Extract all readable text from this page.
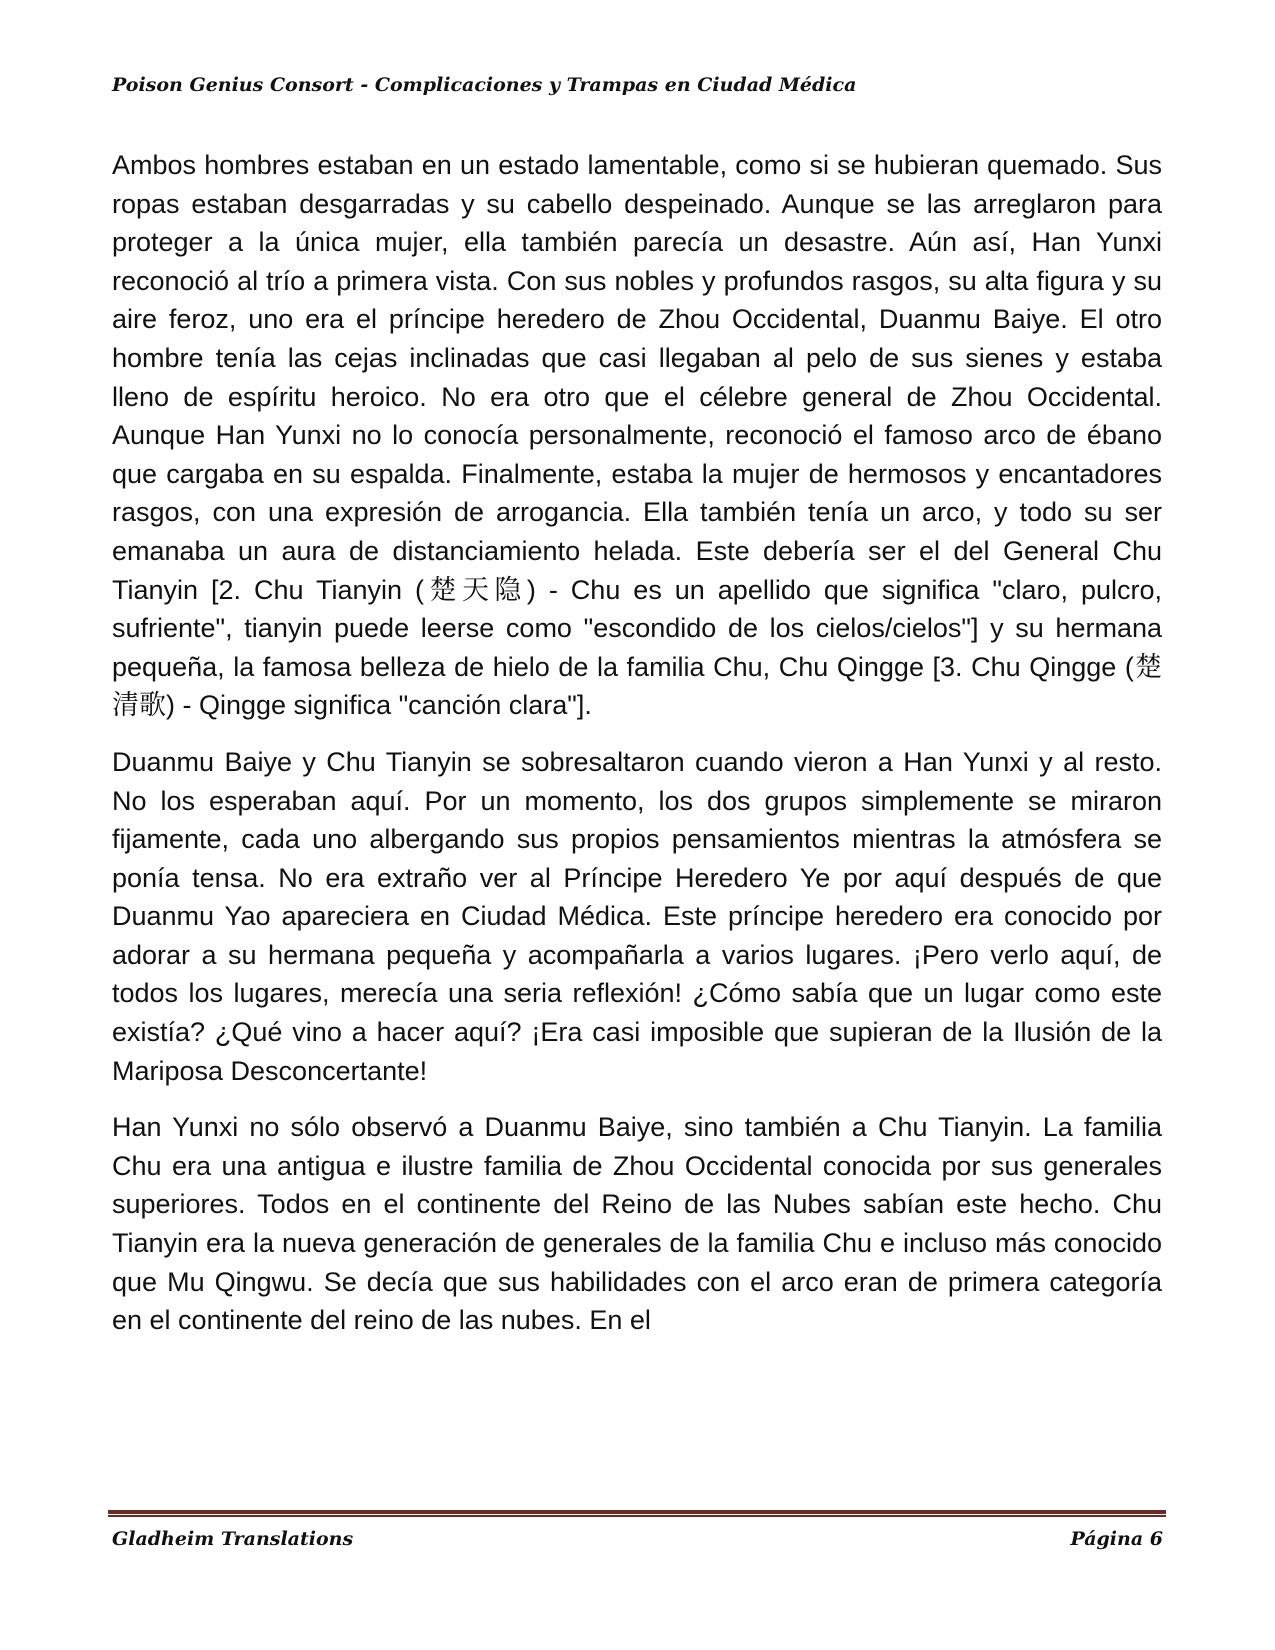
Poison Genius Consort - Complicaciones y Trampas en Ciudad Médica

Ambos hombres estaban en un estado lamentable, como si se hubieran quemado. Sus ropas estaban desgarradas y su cabello despeinado. Aunque se las arreglaron para proteger a la única mujer, ella también parecía un desastre. Aún así, Han Yunxi reconoció al trío a primera vista. Con sus nobles y profundos rasgos, su alta figura y su aire feroz, uno era el príncipe heredero de Zhou Occidental, Duanmu Baiye. El otro hombre tenía las cejas inclinadas que casi llegaban al pelo de sus sienes y estaba lleno de espíritu heroico. No era otro que el célebre general de Zhou Occidental. Aunque Han Yunxi no lo conocía personalmente, reconoció el famoso arco de ébano que cargaba en su espalda. Finalmente, estaba la mujer de hermosos y encantadores rasgos, con una expresión de arrogancia. Ella también tenía un arco, y todo su ser emanaba un aura de distanciamiento helada. Este debería ser el del General Chu Tianyin [2. Chu Tianyin (楚天隐) - Chu es un apellido que significa "claro, pulcro, sufriente", tianyin puede leerse como "escondido de los cielos/cielos"] y su hermana pequeña, la famosa belleza de hielo de la familia Chu, Chu Qingge [3. Chu Qingge (楚清歌) - Qingge significa "canción clara"].

Duanmu Baiye y Chu Tianyin se sobresaltaron cuando vieron a Han Yunxi y al resto. No los esperaban aquí. Por un momento, los dos grupos simplemente se miraron fijamente, cada uno albergando sus propios pensamientos mientras la atmósfera se ponía tensa. No era extraño ver al Príncipe Heredero Ye por aquí después de que Duanmu Yao apareciera en Ciudad Médica. Este príncipe heredero era conocido por adorar a su hermana pequeña y acompañarla a varios lugares. ¡Pero verlo aquí, de todos los lugares, merecía una seria reflexión! ¿Cómo sabía que un lugar como este existía? ¿Qué vino a hacer aquí? ¡Era casi imposible que supieran de la Ilusión de la Mariposa Desconcertante!

Han Yunxi no sólo observó a Duanmu Baiye, sino también a Chu Tianyin. La familia Chu era una antigua e ilustre familia de Zhou Occidental conocida por sus generales superiores. Todos en el continente del Reino de las Nubes sabían este hecho. Chu Tianyin era la nueva generación de generales de la familia Chu e incluso más conocido que Mu Qingwu. Se decía que sus habilidades con el arco eran de primera categoría en el continente del reino de las nubes. En el

Gladheim Translations	Página 6
